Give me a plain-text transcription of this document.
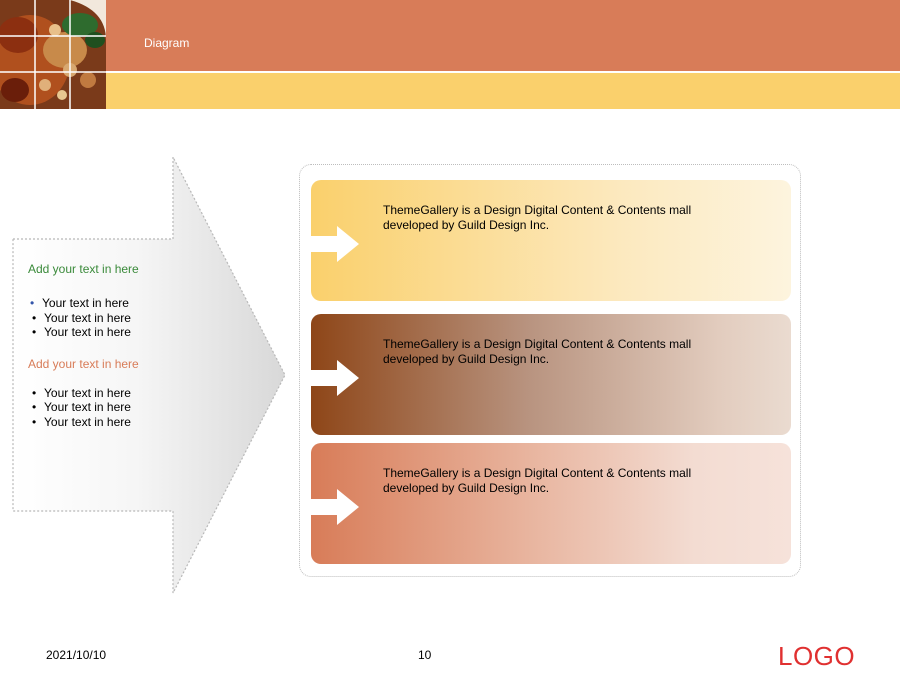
Diagram

Add your text in here

• Your text in here
• Your text in here
• Your text in here

Add your text in here

• Your text in here
• Your text in here
• Your text in here
ThemeGallery is a Design Digital Content & Contents mall developed by Guild Design Inc.
ThemeGallery is a Design Digital Content & Contents mall developed by Guild Design Inc.
ThemeGallery is a Design Digital Content & Contents mall developed by Guild Design Inc.
2021/10/10	10	LOGO
